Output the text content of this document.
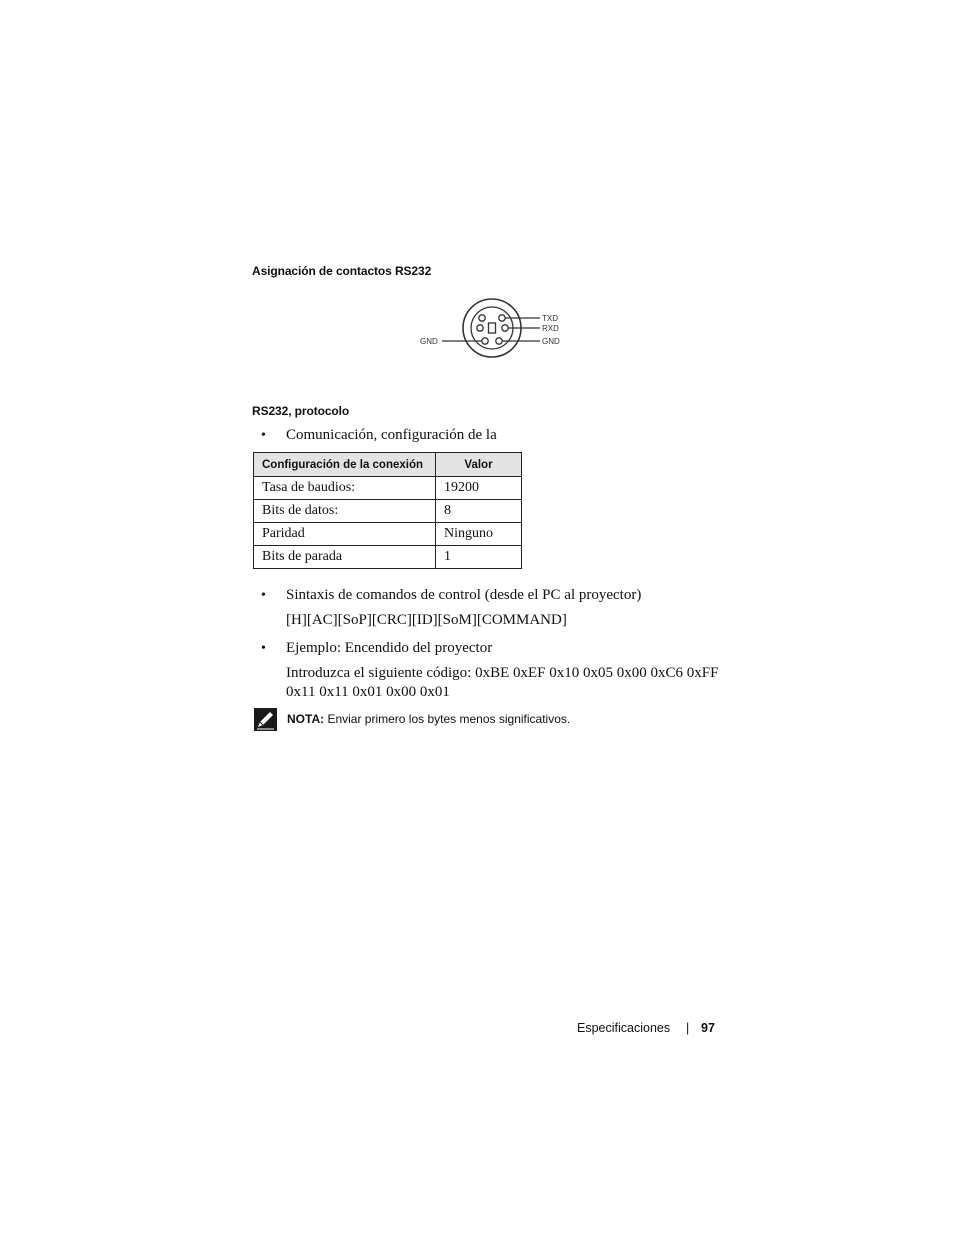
Asignación de contactos RS232
GND
TXD
RXD
GND
RS232, protocolo
• Comunicación, configuración de la
Configuración de la conexión	Valor
Tasa de baudios:	19200
Bits de datos:	8
Paridad	Ninguno
Bits de parada	1
• Sintaxis de comandos de control (desde el PC al proyector)
[H][AC][SoP][CRC][ID][SoM][COMMAND]
• Ejemplo: Encendido del proyector
Introduzca el siguiente código: 0xBE 0xEF 0x10 0x05 0x00 0xC6 0xFF
0x11 0x11 0x01 0x00 0x01
NOTA: Enviar primero los bytes menos significativos.
Especificaciones | 97
